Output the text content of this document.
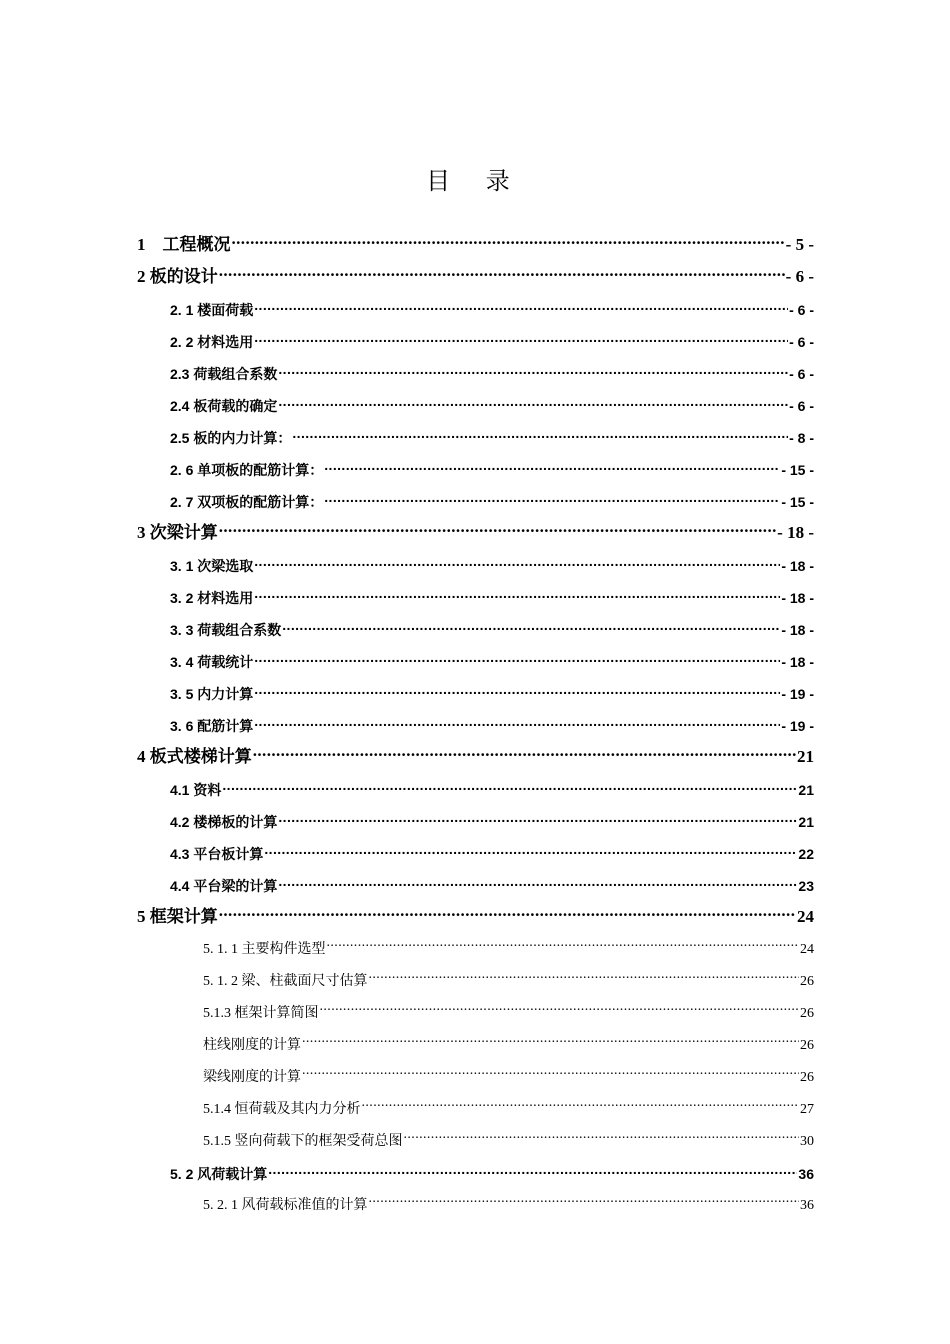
目 录
1　工程概况 .....	- 5 -
2 板的设计 .....	- 6 -
2. 1 楼面荷载 .....	- 6 -
2. 2 材料选用 .....	- 6 -
2.3 荷载组合系数 .....	- 6 -
2.4 板荷载的确定 .....	- 6 -
2.5 板的内力计算： .....	- 8 -
2. 6 单项板的配筋计算： .....	- 15 -
2. 7 双项板的配筋计算： .....	- 15 -
3 次梁计算 .....	- 18 -
3. 1 次梁选取 .....	- 18 -
3. 2 材料选用 .....	- 18 -
3. 3 荷载组合系数 .....	- 18 -
3. 4 荷载统计 .....	- 18 -
3. 5 内力计算 .....	- 19 -
3. 6 配筋计算 .....	- 19 -
4 板式楼梯计算 .....	21
4.1 资料 .....	21
4.2 楼梯板的计算 .....	21
4.3 平台板计算 .....	22
4.4 平台梁的计算 .....	23
5 框架计算 .....	24
5. 1. 1 主要构件选型 .....	24
5. 1. 2 梁、柱截面尺寸估算 .....	26
5.1.3 框架计算简图 .....	26
柱线刚度的计算 .....	26
梁线刚度的计算 .....	26
5.1.4 恒荷载及其内力分析 .....	27
5.1.5 竖向荷载下的框架受荷总图 .....	30
5. 2 风荷载计算 .....	36
5. 2. 1 风荷载标准值的计算 .....	36
